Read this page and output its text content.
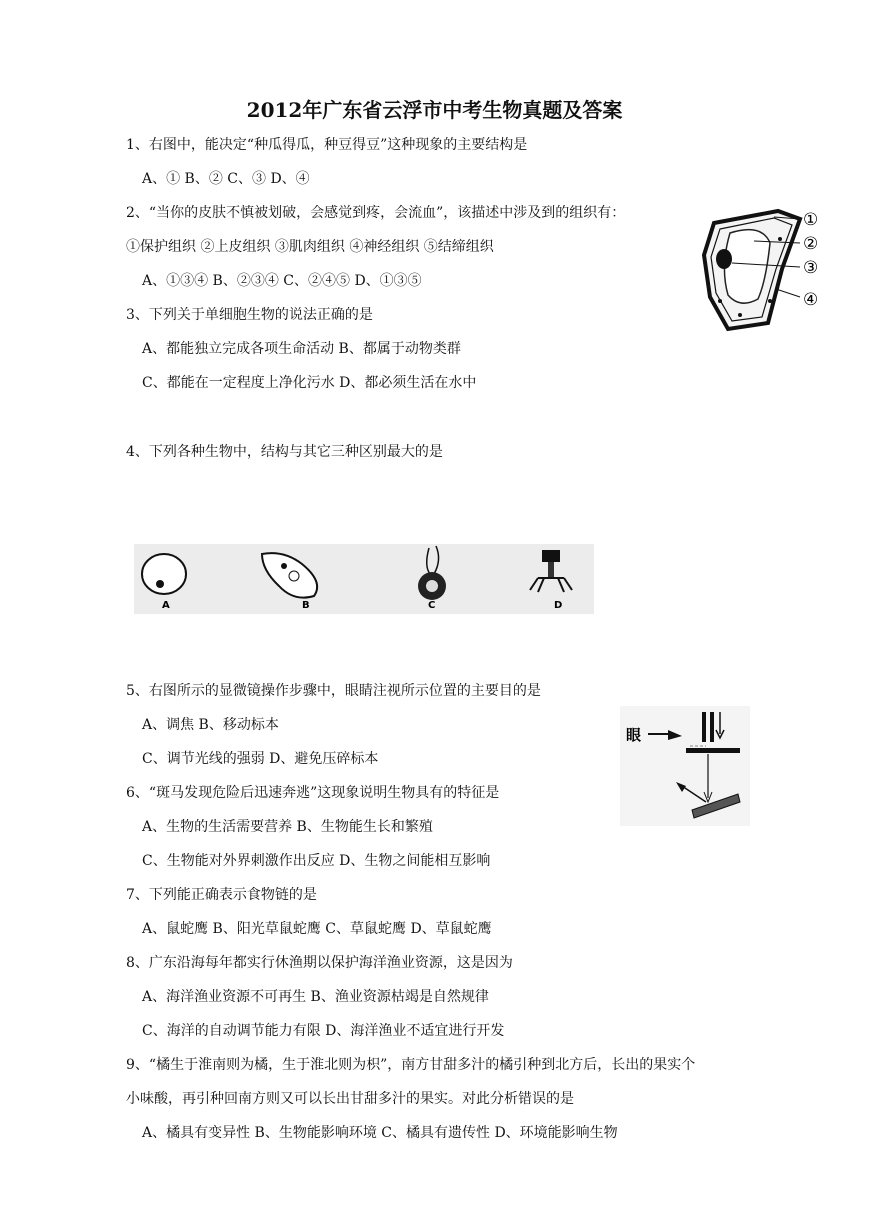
2012年广东省云浮市中考生物真题及答案
1、右图中，能决定“种瓜得瓜，种豆得豆”这种现象的主要结构是
A、① B、② C、③ D、④
2、“当你的皮肤不慎被划破，会感觉到疼，会流血”，该描述中涉及到的组织有：
①保护组织 ②上皮组织 ③肌肉组织 ④神经组织 ⑤结缔组织
A、①③④ B、②③④ C、②④⑤ D、①③⑤
①
②
③
④
3、下列关于单细胞生物的说法正确的是
A、都能独立完成各项生命活动 B、都属于动物类群
C、都能在一定程度上净化污水 D、都必须生活在水中
4、下列各种生物中，结构与其它三种区别最大的是
A	B	C	D
5、右图所示的显微镜操作步骤中，眼睛注视所示位置的主要目的是
A、调焦 B、移动标本
C、调节光线的强弱 D、避免压碎标本
眼
6、“斑马发现危险后迅速奔逃”这现象说明生物具有的特征是
A、生物的生活需要营养 B、生物能生长和繁殖
C、生物能对外界刺激作出反应 D、生物之间能相互影响
7、下列能正确表示食物链的是
A、鼠蛇鹰 B、阳光草鼠蛇鹰 C、草鼠蛇鹰 D、草鼠蛇鹰
8、广东沿海每年都实行休渔期以保护海洋渔业资源，这是因为
A、海洋渔业资源不可再生 B、渔业资源枯竭是自然规律
C、海洋的自动调节能力有限 D、海洋渔业不适宜进行开发
9、“橘生于淮南则为橘，生于淮北则为枳”，南方甘甜多汁的橘引种到北方后，长出的果实个
小味酸，再引种回南方则又可以长出甘甜多汁的果实。对此分析错误的是
A、橘具有变异性 B、生物能影响环境 C、橘具有遗传性 D、环境能影响生物
